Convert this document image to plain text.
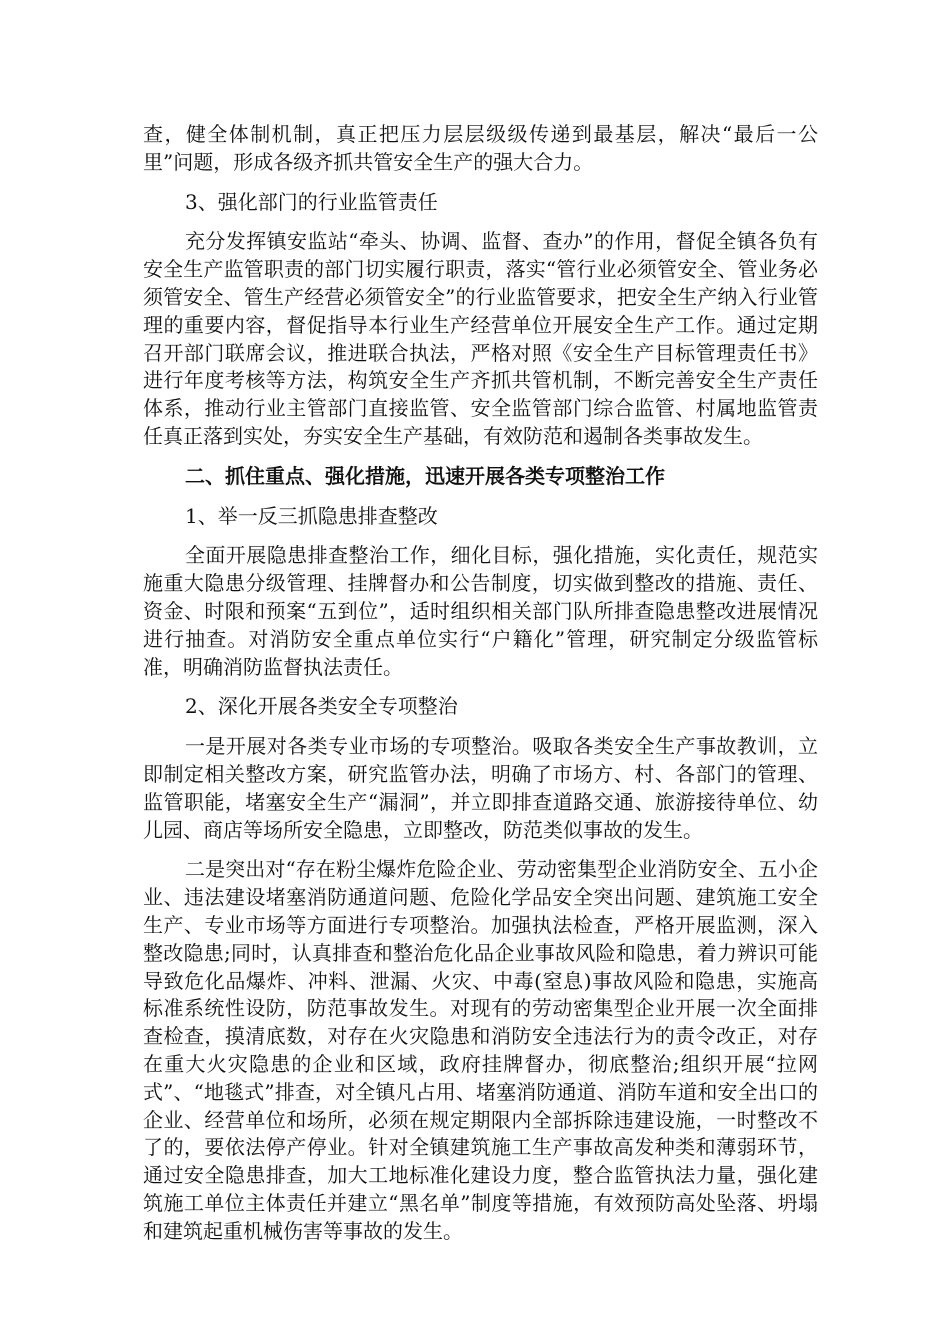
查，健全体制机制，真正把压力层层级级传递到最基层，解决“最后一公里”问题，形成各级齐抓共管安全生产的强大合力。

3、强化部门的行业监管责任

充分发挥镇安监站“牵头、协调、监督、查办”的作用，督促全镇各负有安全生产监管职责的部门切实履行职责，落实“管行业必须管安全、管业务必须管安全、管生产经营必须管安全”的行业监管要求，把安全生产纳入行业管理的重要内容，督促指导本行业生产经营单位开展安全生产工作。通过定期召开部门联席会议，推进联合执法，严格对照《安全生产目标管理责任书》进行年度考核等方法，构筑安全生产齐抓共管机制，不断完善安全生产责任体系，推动行业主管部门直接监管、安全监管部门综合监管、村属地监管责任真正落到实处，夯实安全生产基础，有效防范和遏制各类事故发生。

二、抓住重点、强化措施，迅速开展各类专项整治工作

1、举一反三抓隐患排查整改

全面开展隐患排查整治工作，细化目标，强化措施，实化责任，规范实施重大隐患分级管理、挂牌督办和公告制度，切实做到整改的措施、责任、资金、时限和预案“五到位”，适时组织相关部门队所排查隐患整改进展情况进行抽查。对消防安全重点单位实行“户籍化”管理，研究制定分级监管标准，明确消防监督执法责任。

2、深化开展各类安全专项整治

一是开展对各类专业市场的专项整治。吸取各类安全生产事故教训，立即制定相关整改方案，研究监管办法，明确了市场方、村、各部门的管理、监管职能，堵塞安全生产“漏洞”，并立即排查道路交通、旅游接待单位、幼儿园、商店等场所安全隐患，立即整改，防范类似事故的发生。

二是突出对“存在粉尘爆炸危险企业、劳动密集型企业消防安全、五小企业、违法建设堵塞消防通道问题、危险化学品安全突出问题、建筑施工安全生产、专业市场等方面进行专项整治。加强执法检查，严格开展监测，深入整改隐患;同时，认真排查和整治危化品企业事故风险和隐患，着力辨识可能导致危化品爆炸、冲料、泄漏、火灾、中毒(窒息)事故风险和隐患，实施高标准系统性设防，防范事故发生。对现有的劳动密集型企业开展一次全面排查检查，摸清底数，对存在火灾隐患和消防安全违法行为的责令改正，对存在重大火灾隐患的企业和区域，政府挂牌督办，彻底整治;组织开展“拉网式”、“地毯式”排查，对全镇凡占用、堵塞消防通道、消防车道和安全出口的企业、经营单位和场所，必须在规定期限内全部拆除违建设施，一时整改不了的，要依法停产停业。针对全镇建筑施工生产事故高发种类和薄弱环节，通过安全隐患排查，加大工地标准化建设力度，整合监管执法力量，强化建筑施工单位主体责任并建立“黑名单”制度等措施，有效预防高处坠落、坍塌和建筑起重机械伤害等事故的发生。
